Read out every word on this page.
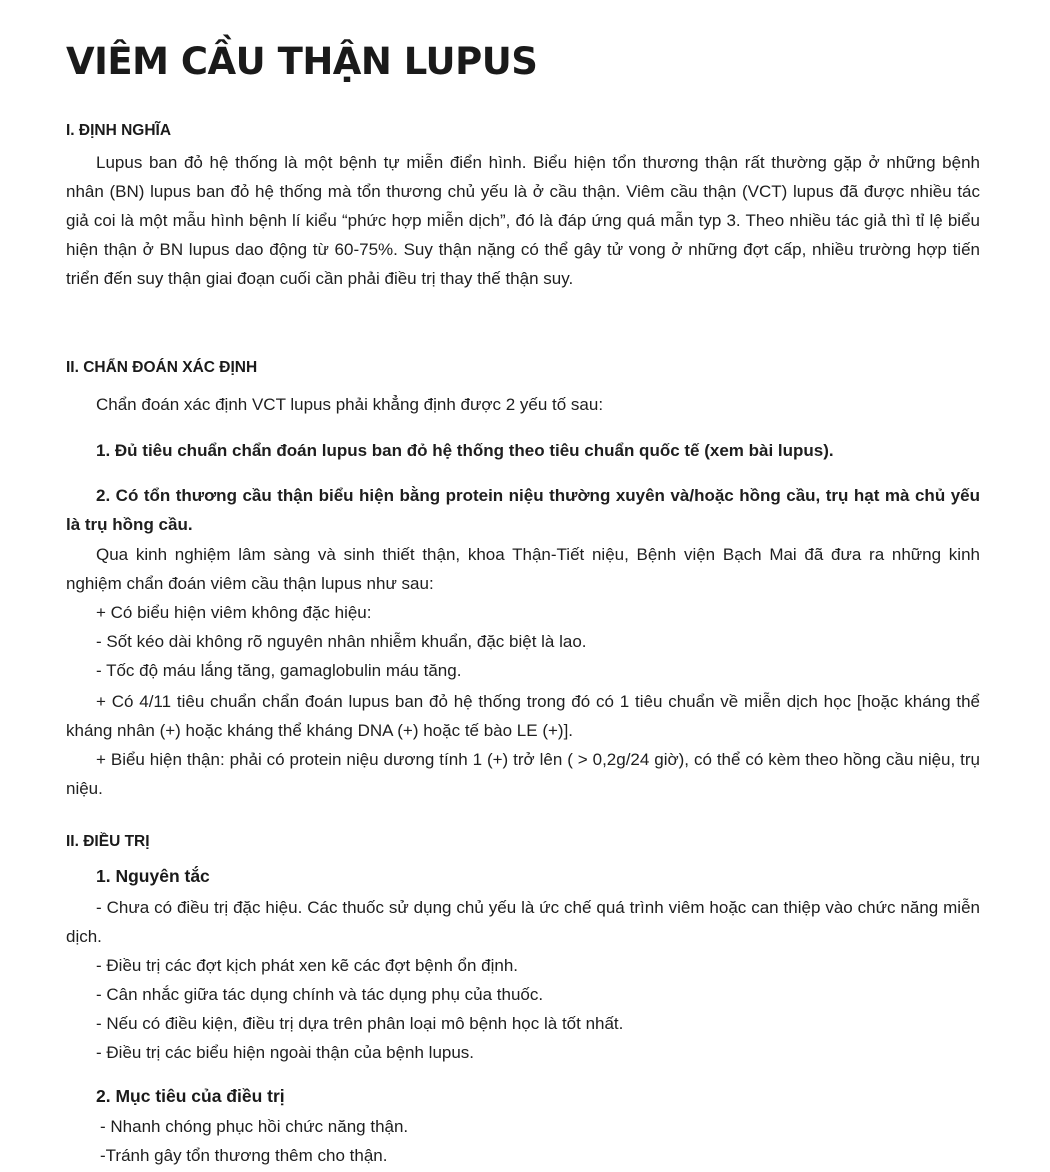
VIÊM CẦU THẬN LUPUS
I. ĐỊNH NGHĨA

Lupus ban đỏ hệ thống là một bệnh tự miễn điển hình. Biểu hiện tổn thương thận rất thường gặp ở những bệnh nhân (BN) lupus ban đỏ hệ thống mà tổn thương chủ yếu là ở cầu thận. Viêm cầu thận (VCT) lupus đã được nhiều tác giả coi là một mẫu hình bệnh lí kiểu “phức hợp miễn dịch”, đó là đáp ứng quá mẫn typ 3. Theo nhiều tác giả thì tỉ lệ biểu hiện thận ở BN lupus dao động từ 60-75%. Suy thận nặng có thể gây tử vong ở những đợt cấp, nhiều trường hợp tiến triển đến suy thận giai đoạn cuối cần phải điều trị thay thế thận suy.

II. CHẨN ĐOÁN XÁC ĐỊNH

Chẩn đoán xác định VCT lupus phải khẳng định được 2 yếu tố sau:

1. Đủ tiêu chuẩn chẩn đoán lupus ban đỏ hệ thống theo tiêu chuẩn quốc tế (xem bài lupus).

2. Có tổn thương cầu thận biểu hiện bằng protein niệu thường xuyên và/hoặc hồng cầu, trụ hạt mà chủ yếu là trụ hồng cầu.

Qua kinh nghiệm lâm sàng và sinh thiết thận, khoa Thận-Tiết niệu, Bệnh viện Bạch Mai đã đưa ra những kinh nghiệm chẩn đoán viêm cầu thận lupus như sau:

+ Có biểu hiện viêm không đặc hiệu:

- Sốt kéo dài không rõ nguyên nhân nhiễm khuẩn, đặc biệt là lao.

- Tốc độ máu lắng tăng, gamaglobulin máu tăng.

+ Có 4/11 tiêu chuẩn chẩn đoán lupus ban đỏ hệ thống trong đó có 1 tiêu chuẩn về miễn dịch học [hoặc kháng thể kháng nhân (+) hoặc kháng thể kháng DNA (+) hoặc tế bào LE (+)].

+ Biểu hiện thận: phải có protein niệu dương tính 1 (+) trở lên ( > 0,2g/24 giờ), có thể có kèm theo hồng cầu niệu, trụ niệu.

II. ĐIỀU TRỊ
1. Nguyên tắc

- Chưa có điều trị đặc hiệu. Các thuốc sử dụng chủ yếu là ức chế quá trình viêm hoặc can thiệp vào chức năng miễn dịch.

- Điều trị các đợt kịch phát xen kẽ các đợt bệnh ổn định.

- Cân nhắc giữa tác dụng chính và tác dụng phụ của thuốc.

- Nếu có điều kiện, điều trị dựa trên phân loại mô bệnh học là tốt nhất.

- Điều trị các biểu hiện ngoài thận của bệnh lupus.

2. Mục tiêu của điều trị

- Nhanh chóng phục hồi chức năng thận.

-Tránh gây tổn thương thêm cho thận.
